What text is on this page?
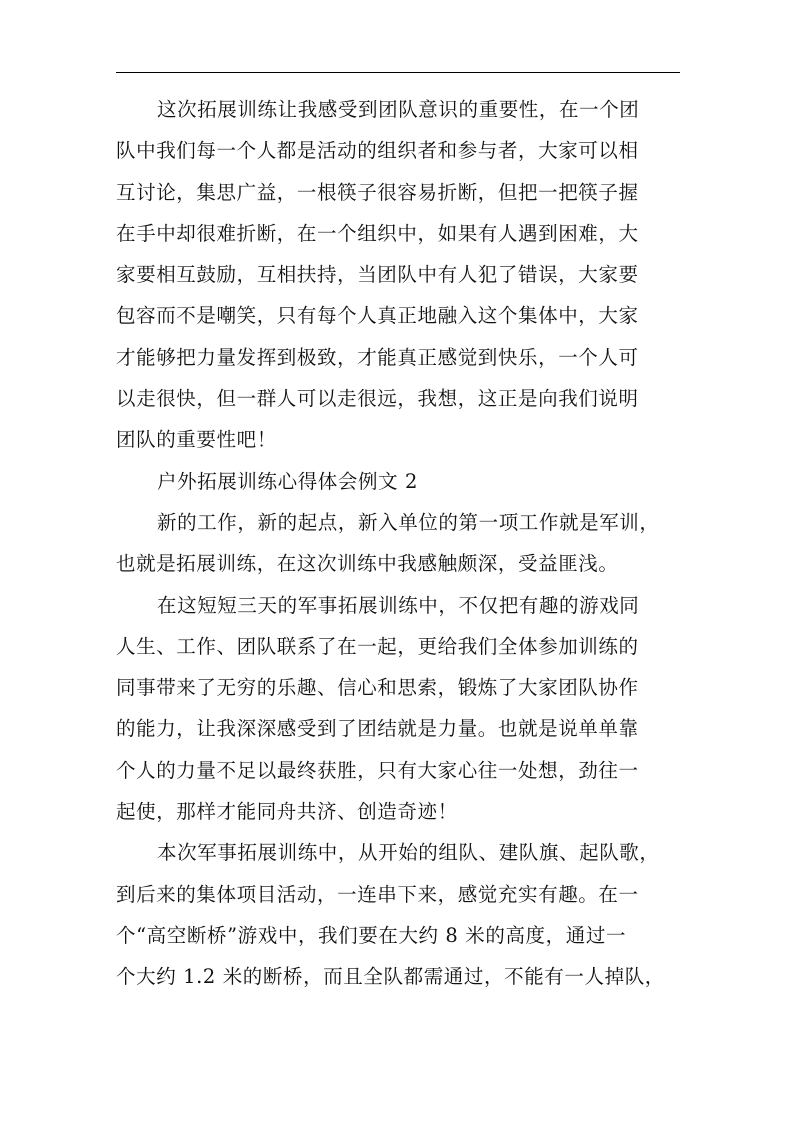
这次拓展训练让我感受到团队意识的重要性，在一个团
队中我们每一个人都是活动的组织者和参与者，大家可以相
互讨论，集思广益，一根筷子很容易折断，但把一把筷子握
在手中却很难折断，在一个组织中，如果有人遇到困难，大
家要相互鼓励，互相扶持，当团队中有人犯了错误，大家要
包容而不是嘲笑，只有每个人真正地融入这个集体中，大家
才能够把力量发挥到极致，才能真正感觉到快乐，一个人可
以走很快，但一群人可以走很远，我想，这正是向我们说明
团队的重要性吧！
户外拓展训练心得体会例文 2
新的工作，新的起点，新入单位的第一项工作就是军训，
也就是拓展训练，在这次训练中我感触颇深，受益匪浅。
在这短短三天的军事拓展训练中，不仅把有趣的游戏同
人生、工作、团队联系了在一起，更给我们全体参加训练的
同事带来了无穷的乐趣、信心和思索，锻炼了大家团队协作
的能力，让我深深感受到了团结就是力量。也就是说单单靠
个人的力量不足以最终获胜，只有大家心往一处想，劲往一
起使，那样才能同舟共济、创造奇迹！
本次军事拓展训练中，从开始的组队、建队旗、起队歌，
到后来的集体项目活动，一连串下来，感觉充实有趣。在一
个“高空断桥”游戏中，我们要在大约 8 米的高度，通过一
个大约 1.2 米的断桥，而且全队都需通过，不能有一人掉队，
